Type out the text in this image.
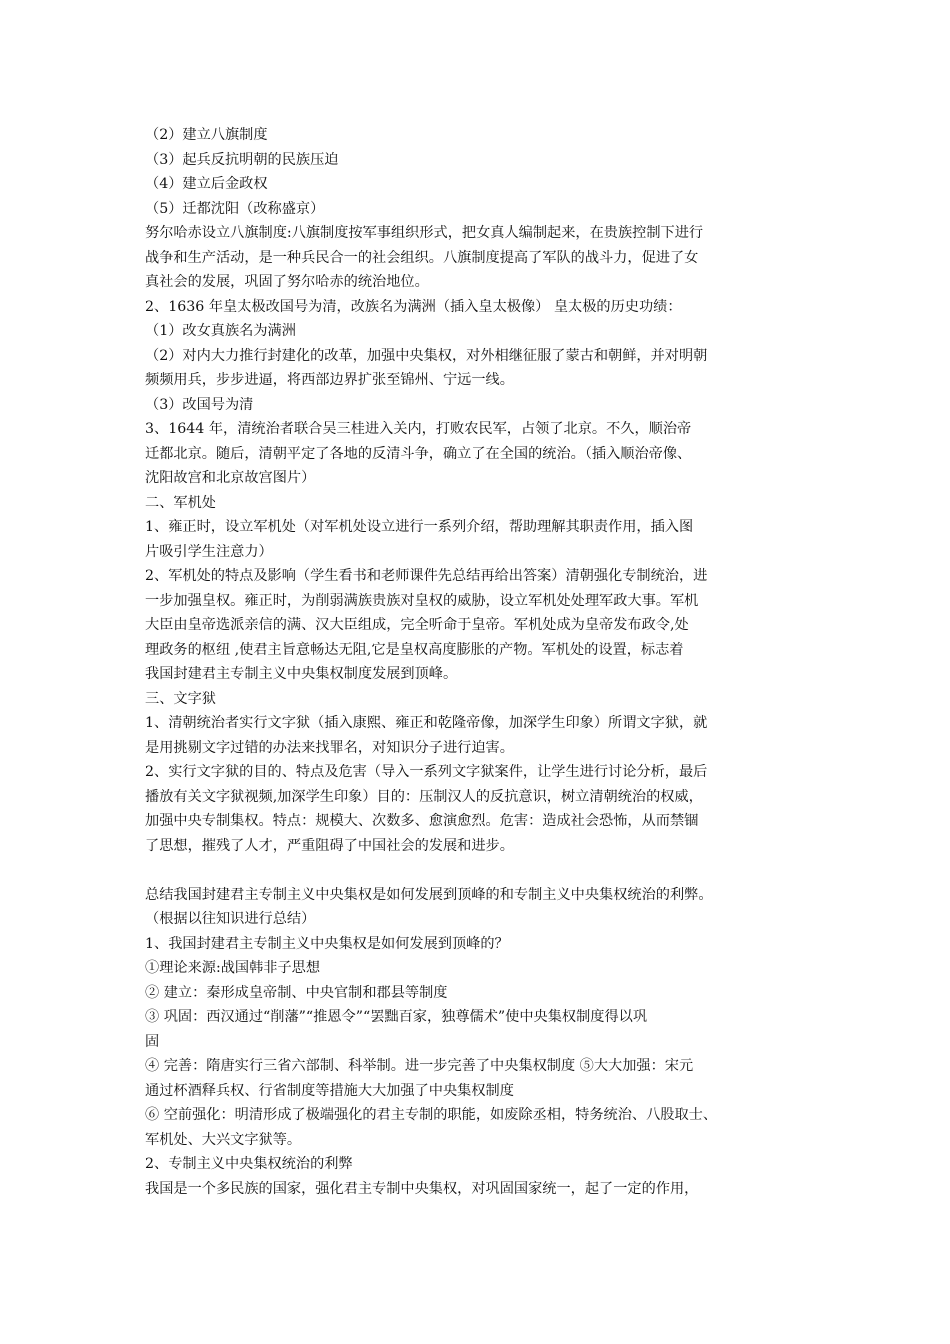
（2）建立八旗制度
（3）起兵反抗明朝的民族压迫
（4）建立后金政权
（5）迁都沈阳（改称盛京）
努尔哈赤设立八旗制度:八旗制度按军事组织形式，把女真人编制起来，在贵族控制下进行
战争和生产活动，是一种兵民合一的社会组织。八旗制度提高了军队的战斗力，促进了女
真社会的发展，巩固了努尔哈赤的统治地位。
2、1636 年皇太极改国号为清，改族名为满洲（插入皇太极像） 皇太极的历史功绩：
（1）改女真族名为满洲
（2）对内大力推行封建化的改革，加强中央集权，对外相继征服了蒙古和朝鲜，并对明朝
频频用兵，步步进逼，将西部边界扩张至锦州、宁远一线。
（3）改国号为清
3、1644 年，清统治者联合吴三桂进入关内，打败农民军，占领了北京。不久，顺治帝
迁都北京。随后，清朝平定了各地的反清斗争，确立了在全国的统治。（插入顺治帝像、
沈阳故宫和北京故宫图片）
二、军机处
1、雍正时，设立军机处（对军机处设立进行一系列介绍，帮助理解其职责作用，插入图
片吸引学生注意力）
2、军机处的特点及影响（学生看书和老师课件先总结再给出答案）清朝强化专制统治，进
一步加强皇权。雍正时，为削弱满族贵族对皇权的威胁，设立军机处处理军政大事。军机
大臣由皇帝选派亲信的满、汉大臣组成，完全听命于皇帝。军机处成为皇帝发布政令,处
理政务的枢纽 ,使君主旨意畅达无阻,它是皇权高度膨胀的产物。军机处的设置，标志着
我国封建君主专制主义中央集权制度发展到顶峰。
三、文字狱
1、清朝统治者实行文字狱（插入康熙、雍正和乾隆帝像，加深学生印象）所谓文字狱，就
是用挑剔文字过错的办法来找罪名，对知识分子进行迫害。
2、实行文字狱的目的、特点及危害（导入一系列文字狱案件，让学生进行讨论分析，最后
播放有关文字狱视频,加深学生印象）目的：压制汉人的反抗意识，树立清朝统治的权威，
加强中央专制集权。特点：规模大、次数多、愈演愈烈。危害：造成社会恐怖，从而禁锢
了思想，摧残了人才，严重阻碍了中国社会的发展和进步。
总结我国封建君主专制主义中央集权是如何发展到顶峰的和专制主义中央集权统治的利弊。
（根据以往知识进行总结）
1、我国封建君主专制主义中央集权是如何发展到顶峰的？
①理论来源:战国韩非子思想
② 建立：秦形成皇帝制、中央官制和郡县等制度
③ 巩固：西汉通过“削藩”“推恩令”“罢黜百家，独尊儒术”使中央集权制度得以巩
固
④ 完善：隋唐实行三省六部制、科举制。进一步完善了中央集权制度 ⑤大大加强：宋元
通过杯酒释兵权、行省制度等措施大大加强了中央集权制度
⑥ 空前强化：明清形成了极端强化的君主专制的职能，如废除丞相，特务统治、八股取士、
军机处、大兴文字狱等。
2、专制主义中央集权统治的利弊
我国是一个多民族的国家，强化君主专制中央集权，对巩固国家统一，起了一定的作用，
